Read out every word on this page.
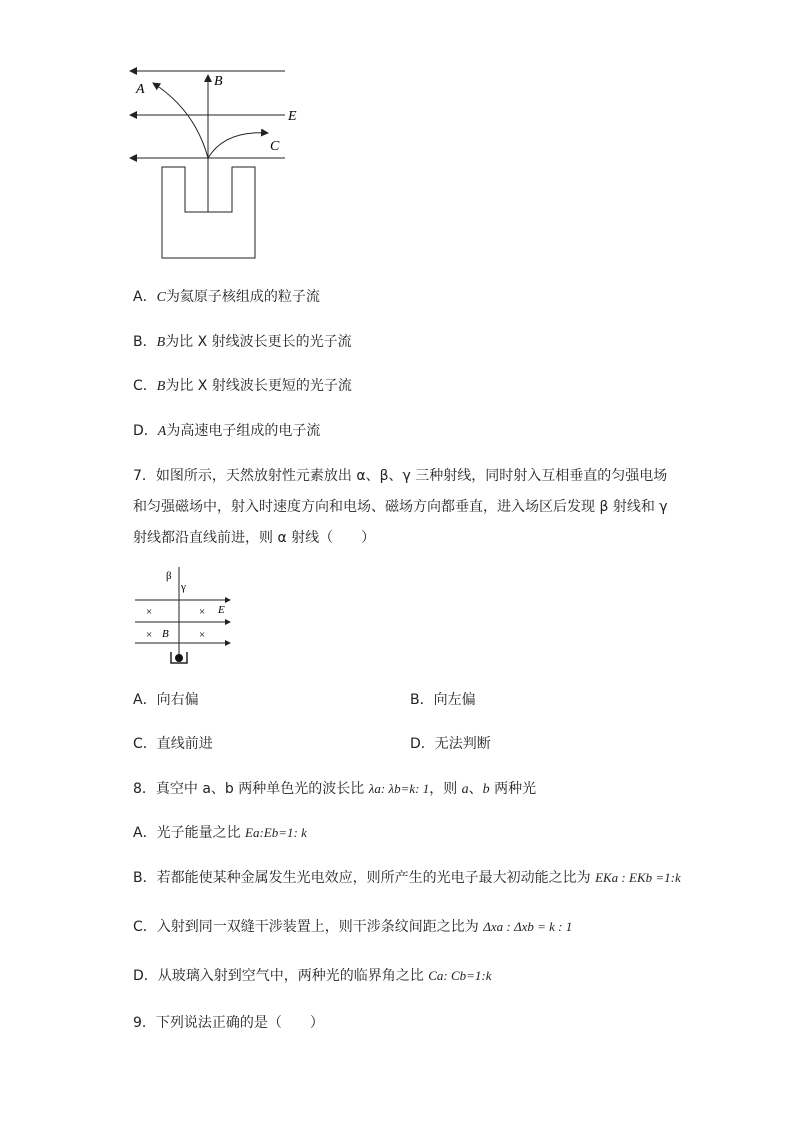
A
B
E
C
A．C为氦原子核组成的粒子流
B．B为比 X 射线波长更长的光子流
C．B为比 X 射线波长更短的光子流
D．A为高速电子组成的电子流
7．如图所示，天然放射性元素放出 α、β、γ 三种射线，同时射入互相垂直的匀强电场
和匀强磁场中，射入时速度方向和电场、磁场方向都垂直，进入场区后发现 β 射线和 γ
射线都沿直线前进，则 α 射线（　　）
β
γ
×	× E
× B	×
A．向右偏	B．向左偏
C．直线前进	D．无法判断
8．真空中 a、b 两种单色光的波长比 λa: λb=k: 1，则 a、b 两种光
A．光子能量之比 Ea:Eb=1: k
B．若都能使某种金属发生光电效应，则所产生的光电子最大初动能之比为 EKa : EKb =1:k
C．入射到同一双缝干涉装置上，则干涉条纹间距之比为 Δxa : Δxb = k : 1
D．从玻璃入射到空气中，两种光的临界角之比 Ca: Cb=1:k
9．下列说法正确的是（　　）
